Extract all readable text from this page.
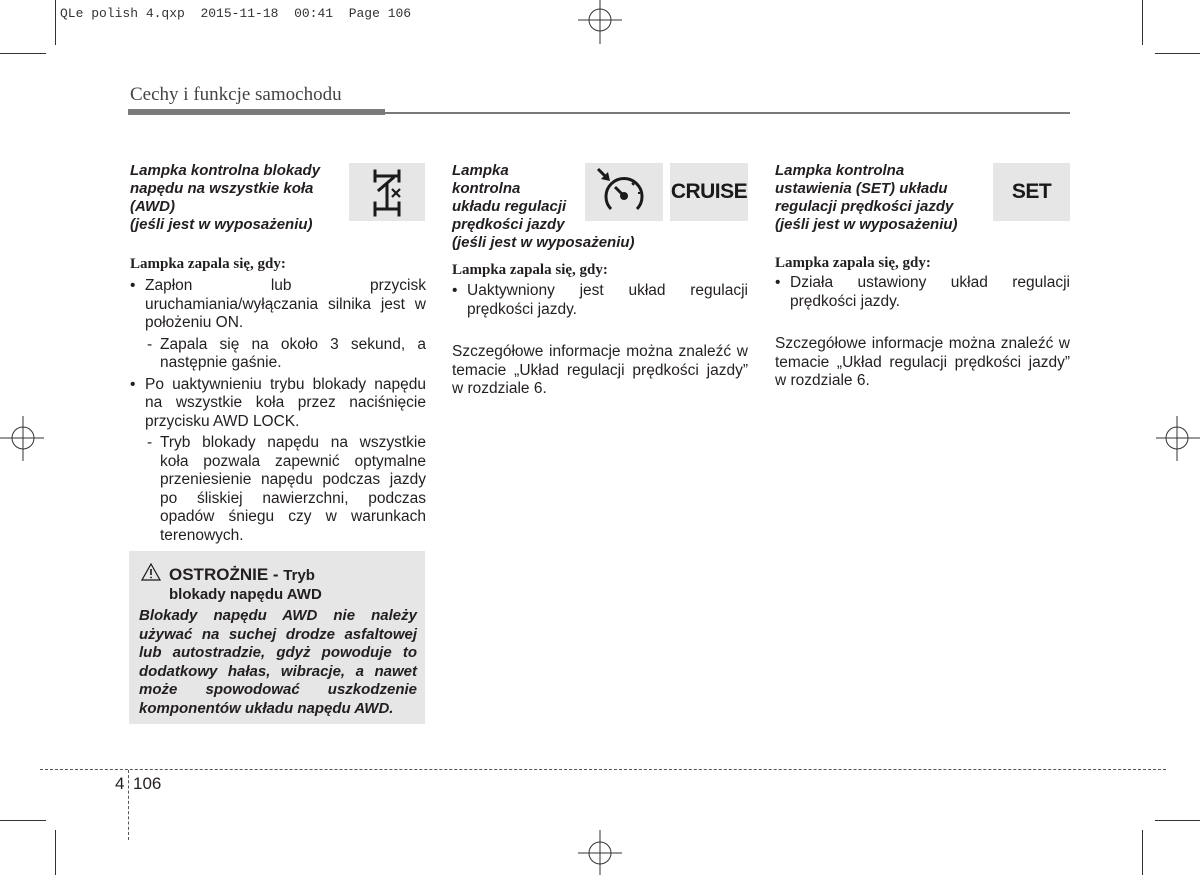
QLe polish 4.qxp 2015-11-18 00:41 Page 106
Cechy i funkcje samochodu
Lampka kontrolna blokady
napędu na wszystkie koła
(AWD)
(jeśli jest w wyposażeniu)
Lampka zapala się, gdy:
• Zapłon lub przycisk uruchamiania/wyłączania silnika jest w położeniu ON.
- Zapala się na około 3 sekund, a następnie gaśnie.
• Po uaktywnieniu trybu blokady napędu na wszystkie koła przez naciśnięcie przycisku AWD LOCK.
- Tryb blokady napędu na wszystkie koła pozwala zapewnić optymalne przeniesienie napędu podczas jazdy po śliskiej nawierzchni, podczas opadów śniegu czy w warunkach terenowych.
OSTROŻNIE - Tryb
blokady napędu AWD
Blokady napędu AWD nie należy używać na suchej drodze asfaltowej lub autostradzie, gdyż powoduje to dodatkowy hałas, wibracje, a nawet może spowodować uszkodzenie komponentów układu napędu AWD.
Lampka
kontrolna
układu regulacji
prędkości jazdy
(jeśli jest w wyposażeniu)
CRUISE
Lampka zapala się, gdy:
• Uaktywniony jest układ regulacji prędkości jazdy.
Szczegółowe informacje można znaleźć w temacie „Układ regulacji prędkości jazdy” w rozdziale 6.
Lampka kontrolna
ustawienia (SET) układu
regulacji prędkości jazdy
(jeśli jest w wyposażeniu)
SET
Lampka zapala się, gdy:
• Działa ustawiony układ regulacji prędkości jazdy.
Szczegółowe informacje można znaleźć w temacie „Układ regulacji prędkości jazdy” w rozdziale 6.
4 106
